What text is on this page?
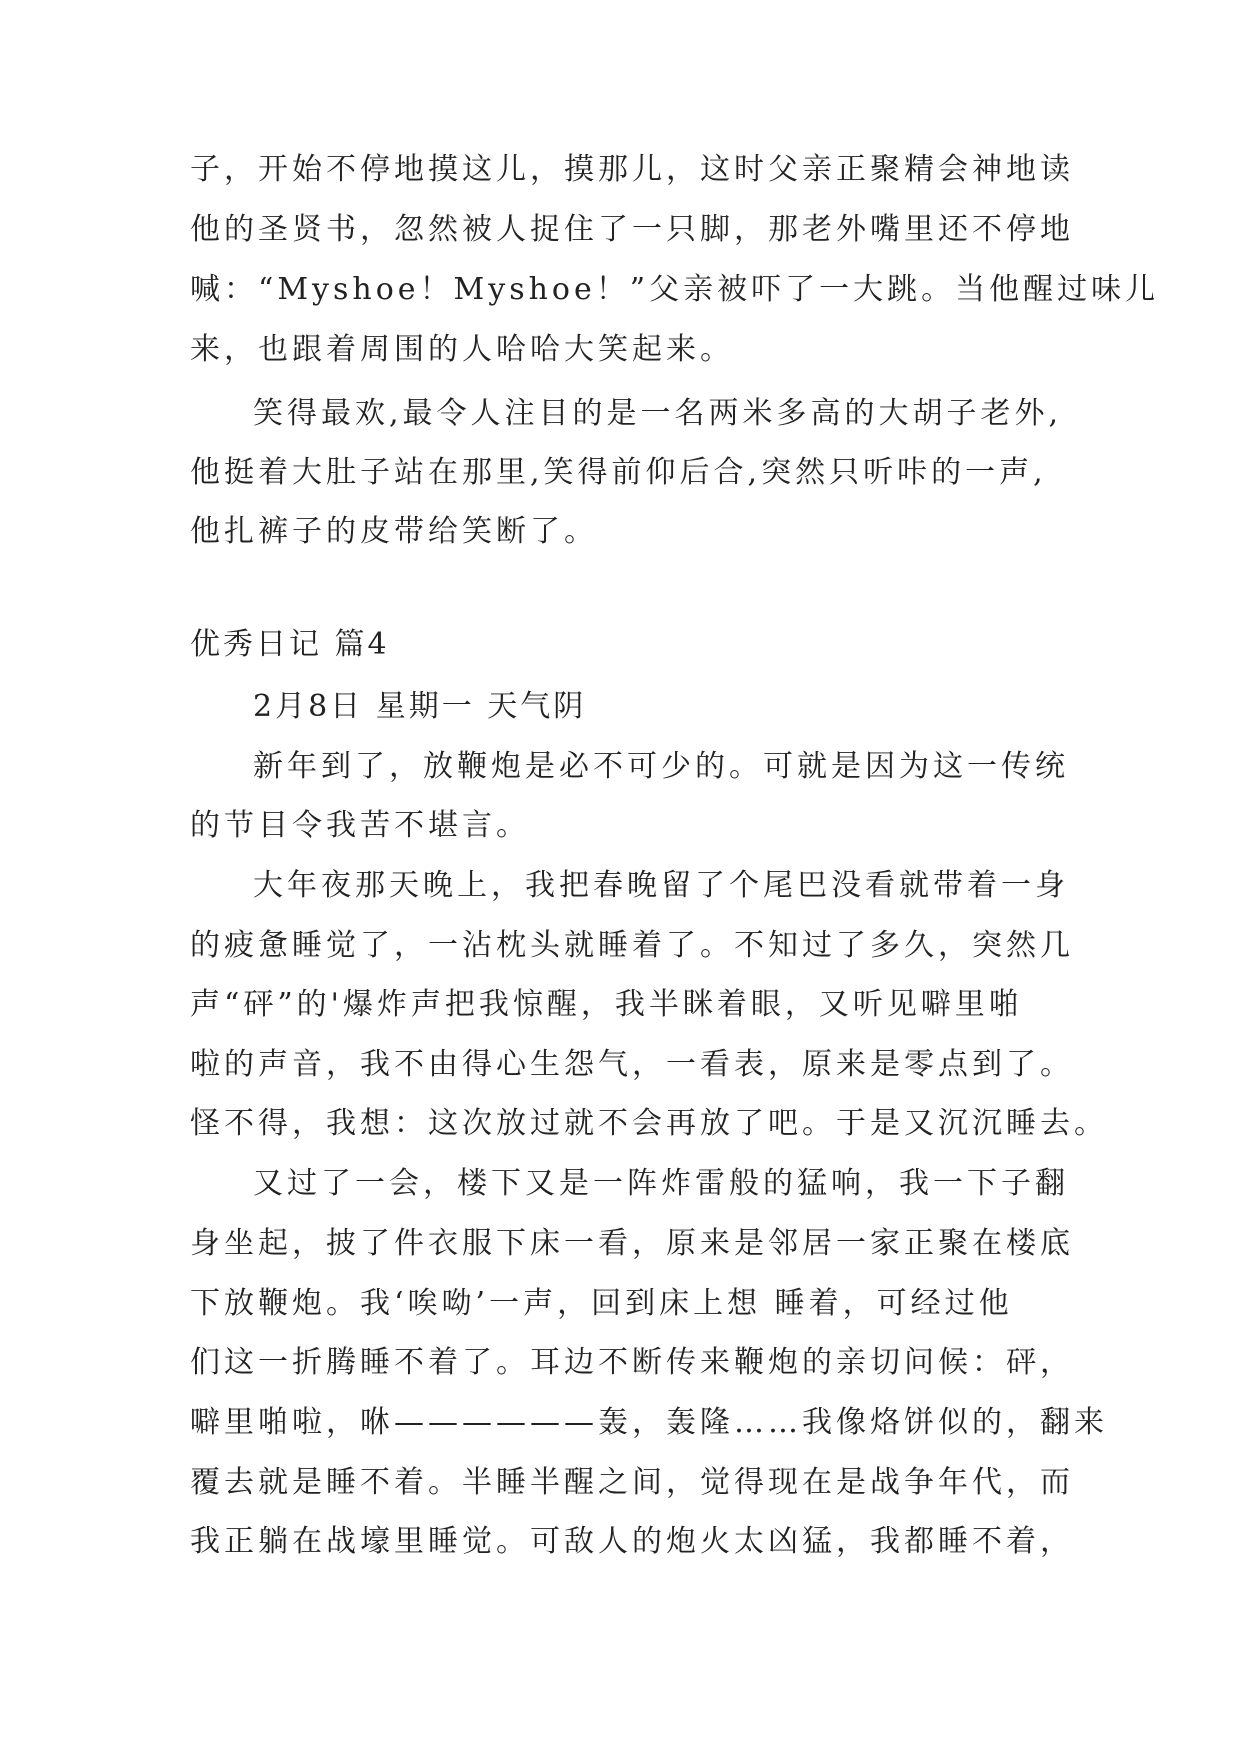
子，开始不停地摸这儿，摸那儿，这时父亲正聚精会神地读
他的圣贤书，忽然被人捉住了一只脚，那老外嘴里还不停地
喊：“Myshoe！Myshoe！”父亲被吓了一大跳。当他醒过味儿
来，也跟着周围的人哈哈大笑起来。
笑得最欢,最令人注目的是一名两米多高的大胡子老外,
他挺着大肚子站在那里,笑得前仰后合,突然只听咔的一声,
他扎裤子的皮带给笑断了。
优秀日记 篇4
2月8日 星期一 天气阴
新年到了，放鞭炮是必不可少的。可就是因为这一传统
的节目令我苦不堪言。
大年夜那天晚上，我把春晚留了个尾巴没看就带着一身
的疲惫睡觉了，一沾枕头就睡着了。不知过了多久，突然几
声“砰”的'爆炸声把我惊醒，我半眯着眼，又听见噼里啪
啦的声音，我不由得心生怨气，一看表，原来是零点到了。
怪不得，我想：这次放过就不会再放了吧。于是又沉沉睡去。
又过了一会，楼下又是一阵炸雷般的猛响，我一下子翻
身坐起，披了件衣服下床一看，原来是邻居一家正聚在楼底
下放鞭炮。我‘唉呦’一声，回到床上想 睡着，可经过他
们这一折腾睡不着了。耳边不断传来鞭炮的亲切问候：砰，
噼里啪啦，咻——————轰，轰隆……我像烙饼似的，翻来
覆去就是睡不着。半睡半醒之间，觉得现在是战争年代，而
我正躺在战壕里睡觉。可敌人的炮火太凶猛，我都睡不着，
